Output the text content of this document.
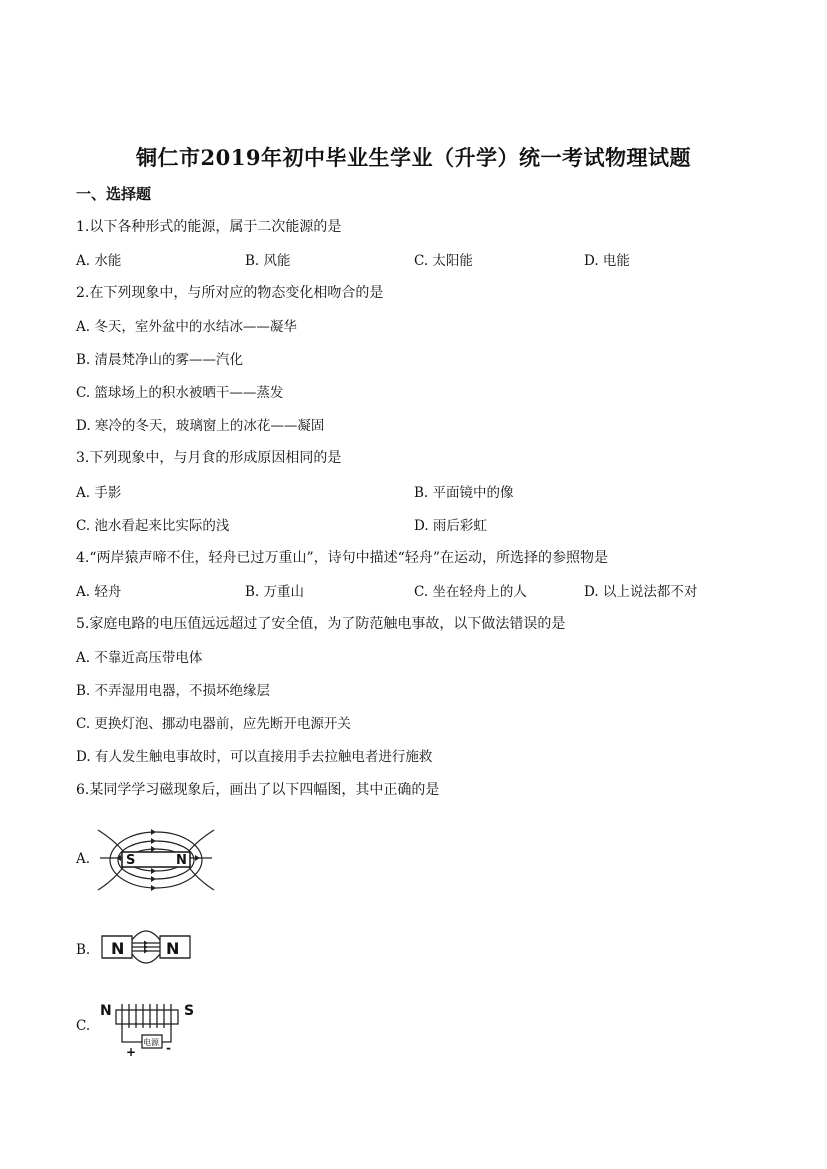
铜仁市2019年初中毕业生学业（升学）统一考试物理试题
一、选择题
1.以下各种形式的能源，属于二次能源的是
A. 水能	B. 风能	C. 太阳能	D. 电能
2.在下列现象中，与所对应的物态变化相吻合的是
A. 冬天，室外盆中的水结冰——凝华
B. 清晨梵净山的雾——汽化
C. 篮球场上的积水被晒干——蒸发
D. 寒冷的冬天，玻璃窗上的冰花——凝固
3.下列现象中，与月食的形成原因相同的是
A. 手影	B. 平面镜中的像
C. 池水看起来比实际的浅	D. 雨后彩虹
4.“两岸猿声啼不住，轻舟已过万重山”，诗句中描述“轻舟”在运动，所选择的参照物是
A. 轻舟	B. 万重山	C. 坐在轻舟上的人	D. 以上说法都不对
5.家庭电路的电压值远远超过了安全值，为了防范触电事故，以下做法错误的是
A. 不靠近高压带电体
B. 不弄湿用电器，不损坏绝缘层
C. 更换灯泡、挪动电器前，应先断开电源开关
D. 有人发生触电事故时，可以直接用手去拉触电者进行施救
6.某同学学习磁现象后，画出了以下四幅图，其中正确的是
A.
B.
C.
S	N
N	N
N	S
电源
+ -
